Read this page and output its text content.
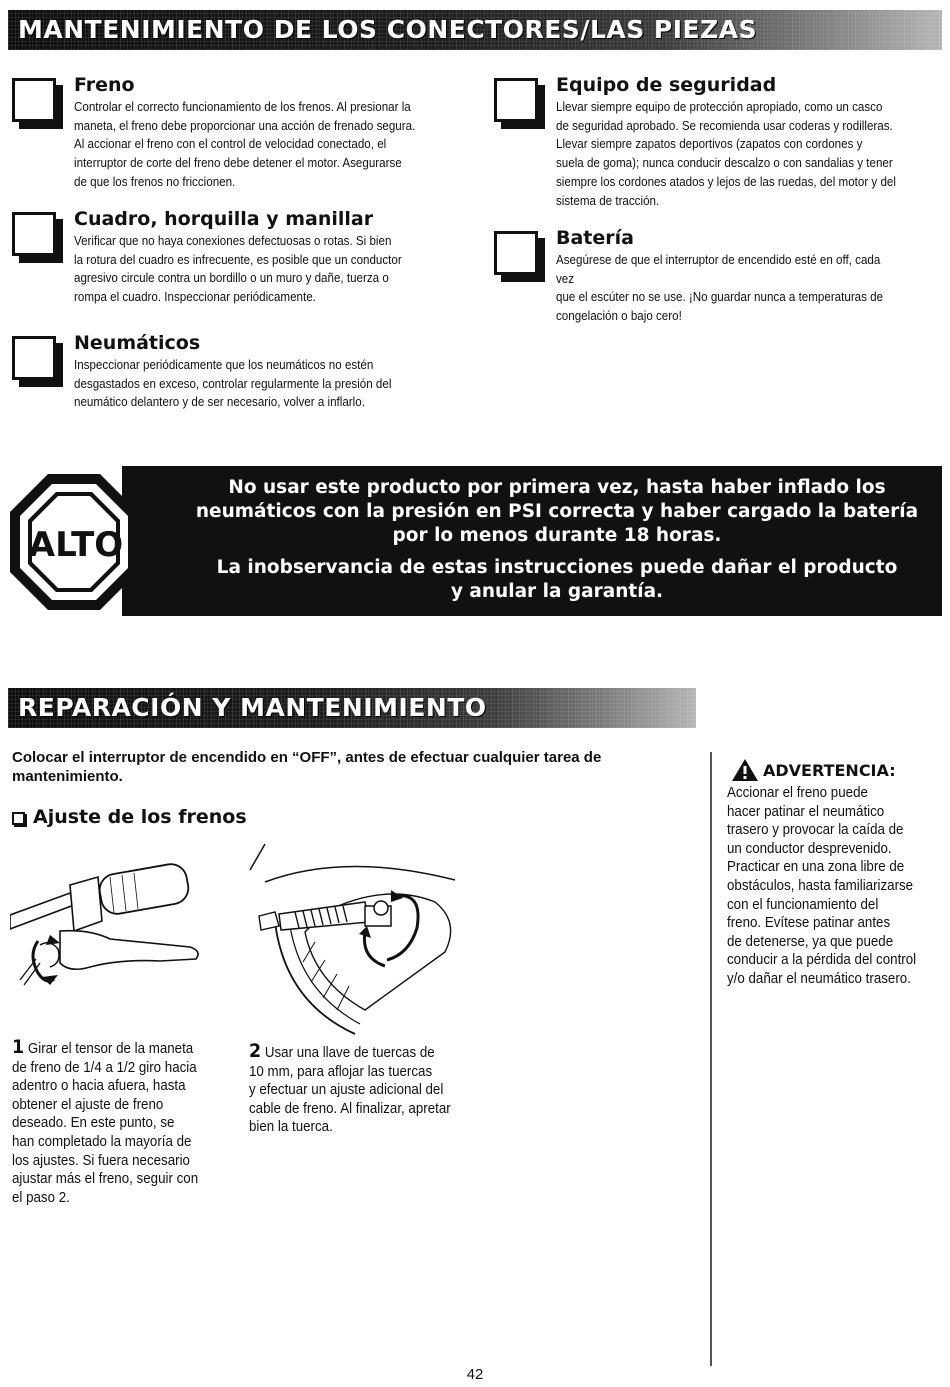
MANTENIMIENTO DE LOS CONECTORES/LAS PIEZAS
Freno
Controlar el correcto funcionamiento de los frenos. Al presionar la
maneta, el freno debe proporcionar una acción de frenado segura.
Al accionar el freno con el control de velocidad conectado, el
interruptor de corte del freno debe detener el motor. Asegurarse
de que los frenos no friccionen.
Cuadro, horquilla y manillar
Verificar que no haya conexiones defectuosas o rotas. Si bien
la rotura del cuadro es infrecuente, es posible que un conductor
agresivo circule contra un bordillo o un muro y dañe, tuerza o
rompa el cuadro. Inspeccionar periódicamente.
Neumáticos
Inspeccionar periódicamente que los neumáticos no estén
desgastados en exceso, controlar regularmente la presión del
neumático delantero y de ser necesario, volver a inflarlo.
Equipo de seguridad
Llevar siempre equipo de protección apropiado, como un casco
de seguridad aprobado. Se recomienda usar coderas y rodilleras.
Llevar siempre zapatos deportivos (zapatos con cordones y
suela de goma); nunca conducir descalzo o con sandalias y tener
siempre los cordones atados y lejos de las ruedas, del motor y del
sistema de tracción.
Batería
Asegúrese de que el interruptor de encendido esté en off, cada vez
que el escúter no se use. ¡No guardar nunca a temperaturas de
congelación o bajo cero!
No usar este producto por primera vez, hasta haber inflado los
neumáticos con la presión en PSI correcta y haber cargado la batería
por lo menos durante 18 horas.
La inobservancia de estas instrucciones puede dañar el producto
y anular la garantía.
ALTO
REPARACIÓN Y MANTENIMIENTO
Colocar el interruptor de encendido en “OFF”, antes de efectuar cualquier tarea de
mantenimiento.
Ajuste de los frenos
1 Girar el tensor de la maneta
de freno de 1/4 a 1/2 giro hacia
adentro o hacia afuera, hasta
obtener el ajuste de freno
deseado. En este punto, se
han completado la mayoría de
los ajustes. Si fuera necesario
ajustar más el freno, seguir con
el paso 2.
2 Usar una llave de tuercas de
10 mm, para aflojar las tuercas
y efectuar un ajuste adicional del
cable de freno. Al finalizar, apretar
bien la tuerca.
ADVERTENCIA:
Accionar el freno puede
hacer patinar el neumático
trasero y provocar la caída de
un conductor desprevenido.
Practicar en una zona libre de
obstáculos, hasta familiarizarse
con el funcionamiento del
freno. Evítese patinar antes
de detenerse, ya que puede
conducir a la pérdida del control
y/o dañar el neumático trasero.
42
